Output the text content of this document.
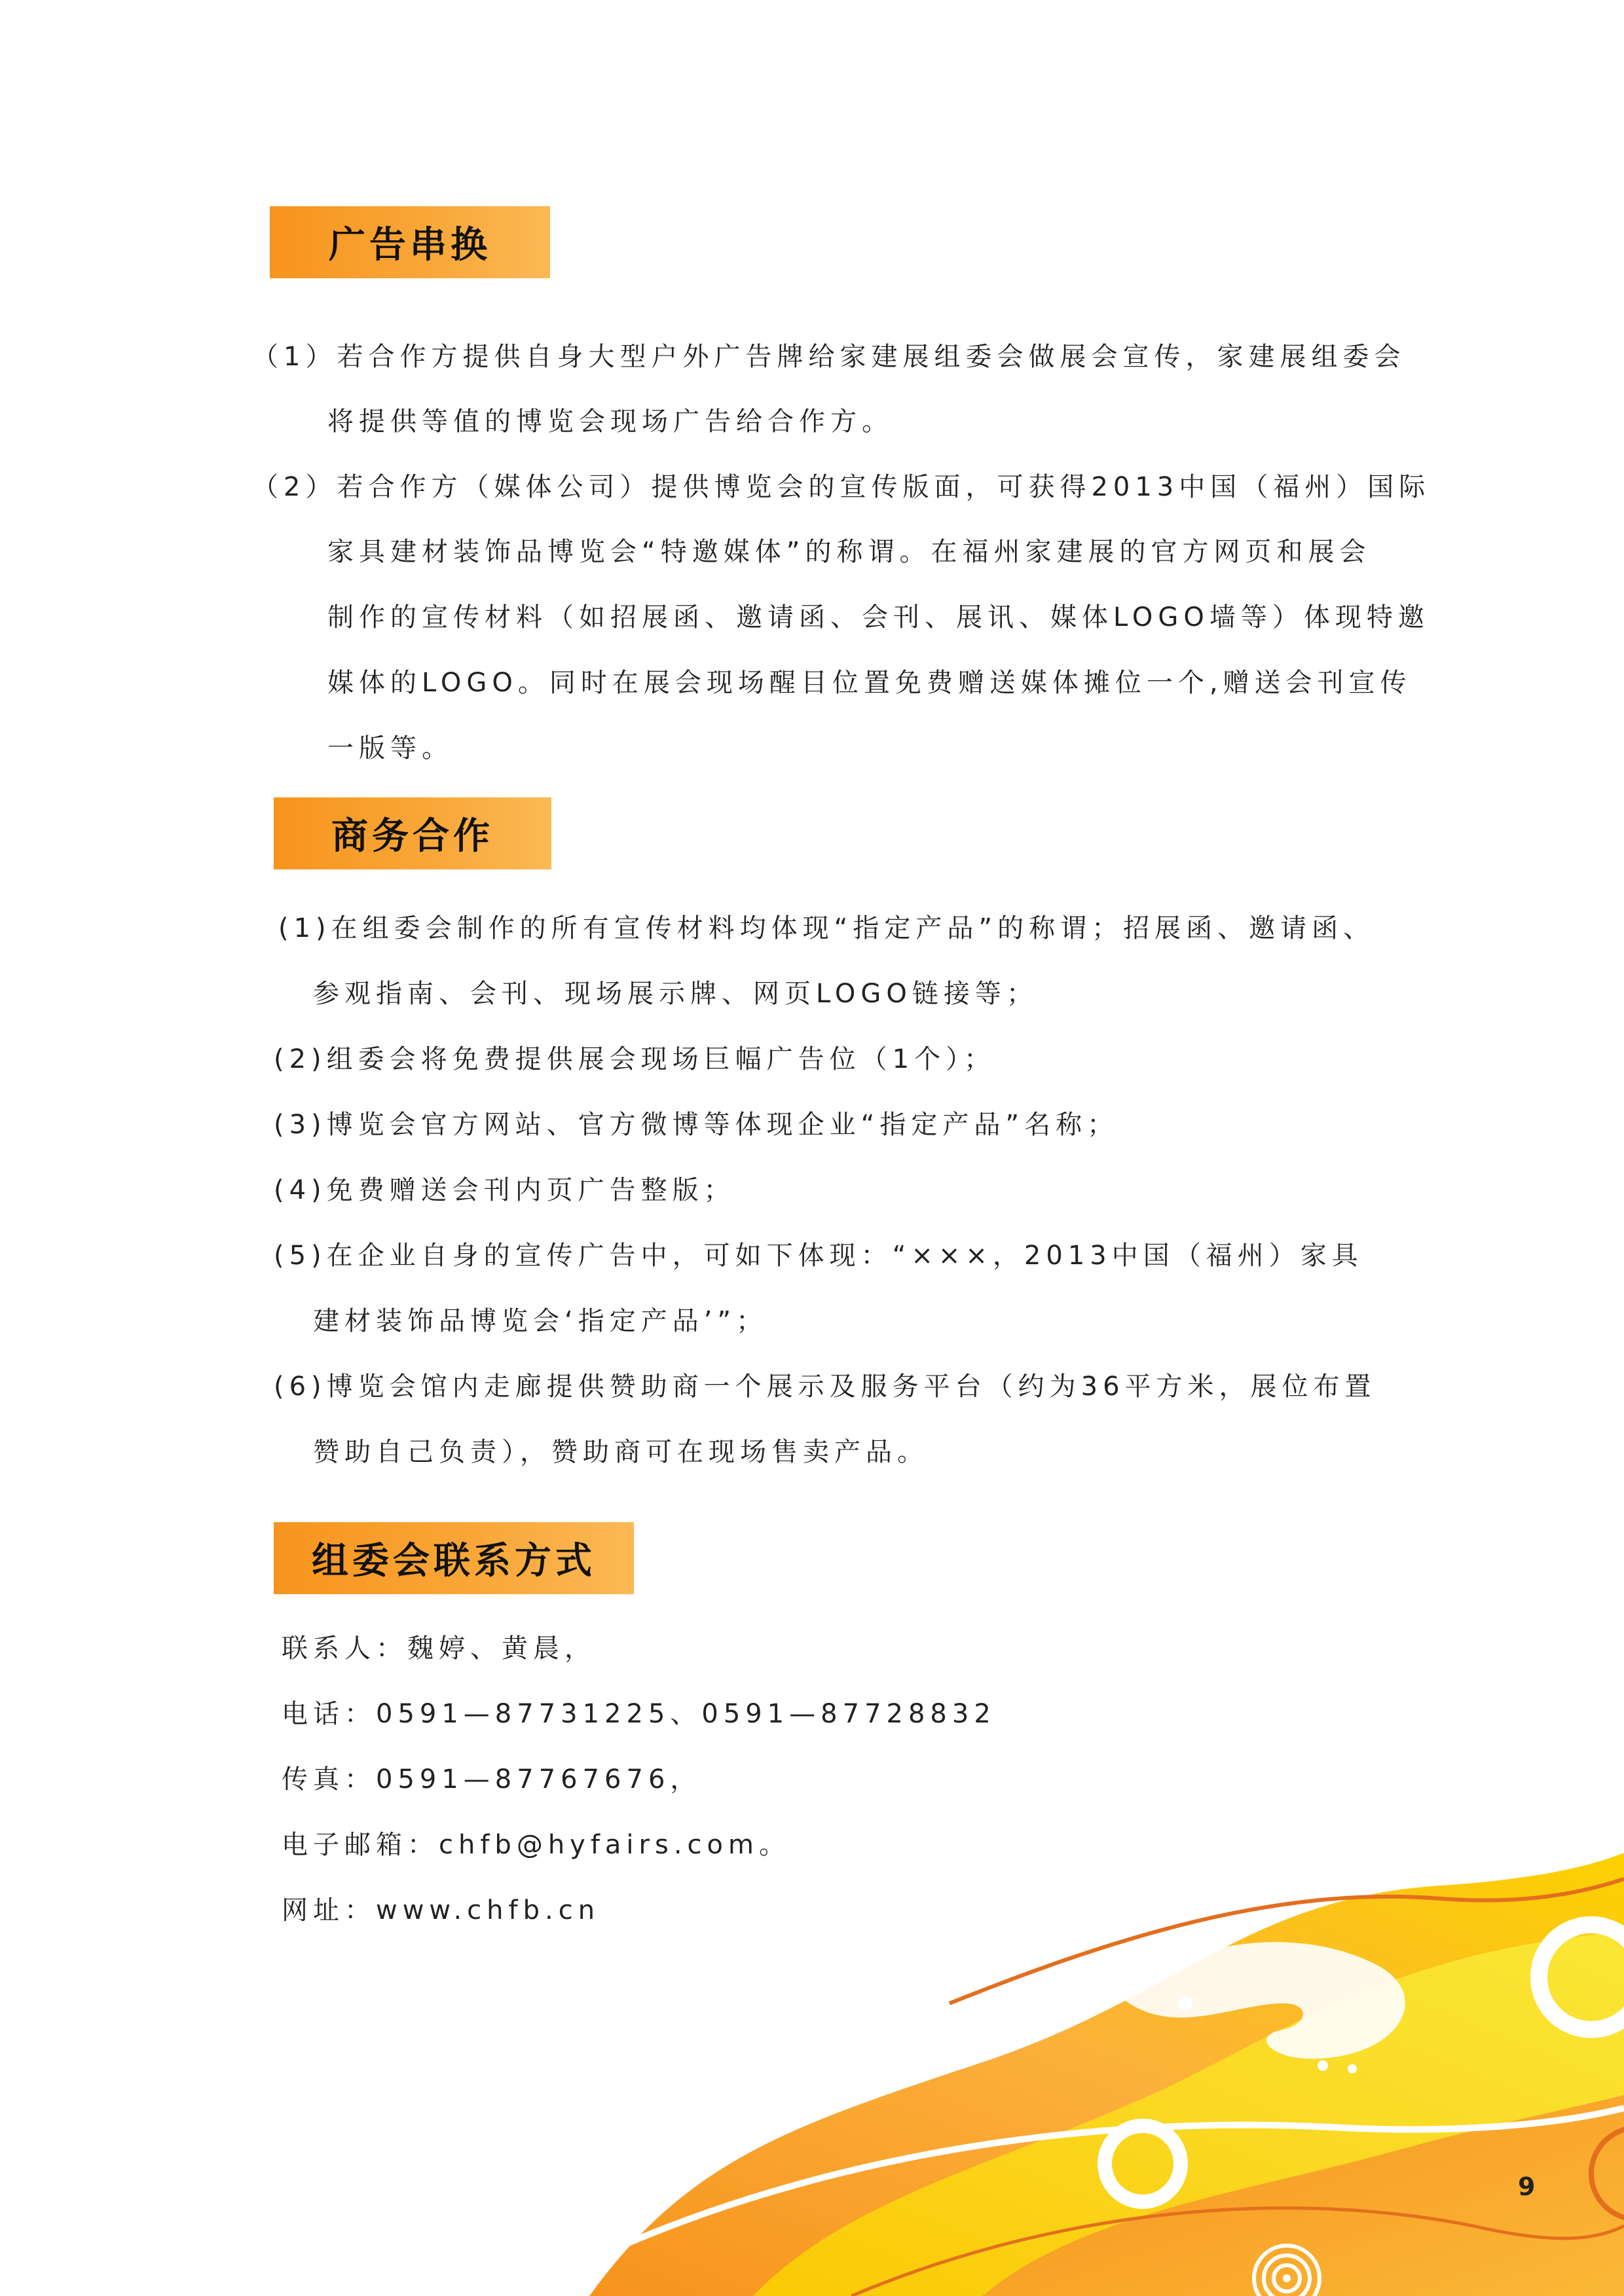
广告串换
（1）若合作方提供自身大型户外广告牌给家建展组委会做展会宣传，家建展组委会
将提供等值的博览会现场广告给合作方。
（2）若合作方（媒体公司）提供博览会的宣传版面，可获得2013中国（福州）国际
家具建材装饰品博览会“特邀媒体”的称谓。在福州家建展的官方网页和展会
制作的宣传材料（如招展函、邀请函、会刊、展讯、媒体LOGO墙等）体现特邀
媒体的LOGO。同时在展会现场醒目位置免费赠送媒体摊位一个,赠送会刊宣传
一版等。
商务合作
(1)在组委会制作的所有宣传材料均体现“指定产品”的称谓；招展函、邀请函、
参观指南、会刊、现场展示牌、网页LOGO链接等；
(2)组委会将免费提供展会现场巨幅广告位（1个）；
(3)博览会官方网站、官方微博等体现企业“指定产品”名称；
(4)免费赠送会刊内页广告整版；
(5)在企业自身的宣传广告中，可如下体现：“×××，2013中国（福州）家具
建材装饰品博览会‘指定产品’”；
(6)博览会馆内走廊提供赞助商一个展示及服务平台（约为36平方米，展位布置
赞助自己负责），赞助商可在现场售卖产品。
组委会联系方式
联系人：魏婷、黄晨，
电话：0591—87731225、0591—87728832
传真：0591—87767676，
电子邮箱：chfb@hyfairs.com。
网址：www.chfb.cn
9
